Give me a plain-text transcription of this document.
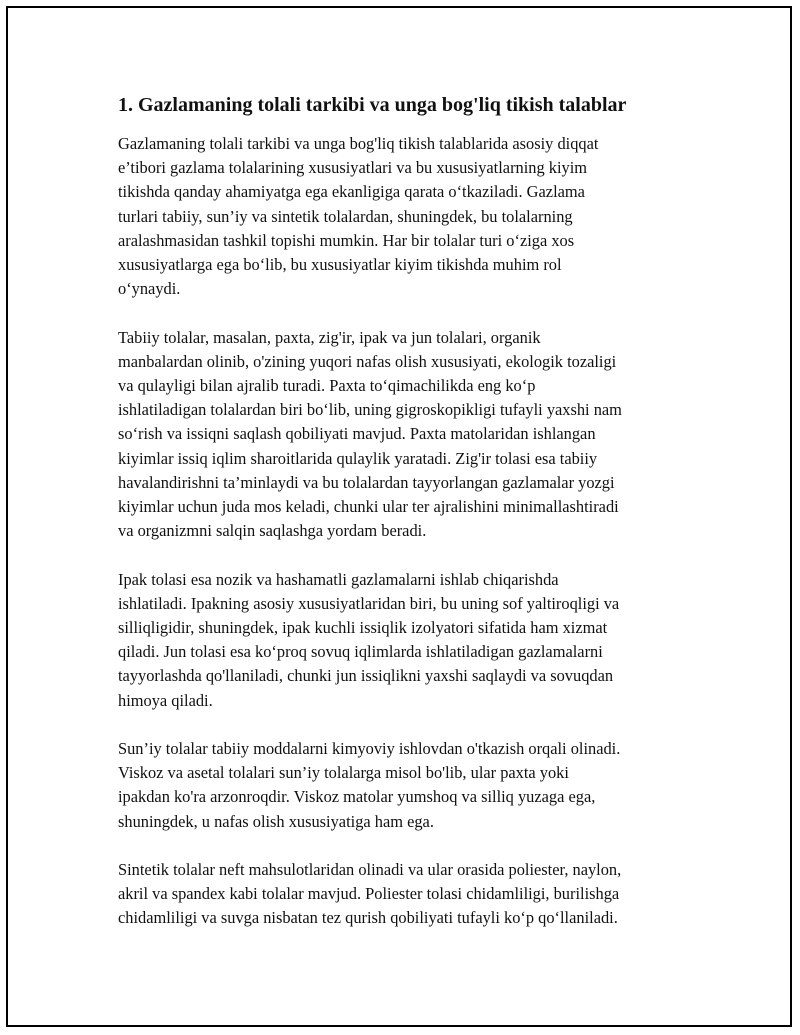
1. Gazlamaning tolali tarkibi va unga bog'liq tikish talablar

Gazlamaning tolali tarkibi va unga bog'liq tikish talablarida asosiy diqqat
e’tibori gazlama tolalarining xususiyatlari va bu xususiyatlarning kiyim
tikishda qanday ahamiyatga ega ekanligiga qarata o‘tkaziladi. Gazlama
turlari tabiiy, sun’iy va sintetik tolalardan, shuningdek, bu tolalarning
aralashmasidan tashkil topishi mumkin. Har bir tolalar turi o‘ziga xos
xususiyatlarga ega bo‘lib, bu xususiyatlar kiyim tikishda muhim rol
o‘ynaydi.

Tabiiy tolalar, masalan, paxta, zig'ir, ipak va jun tolalari, organik
manbalardan olinib, o'zining yuqori nafas olish xususiyati, ekologik tozaligi
va qulayligi bilan ajralib turadi. Paxta to‘qimachilikda eng ko‘p
ishlatiladigan tolalardan biri bo‘lib, uning gigroskopikligi tufayli yaxshi nam
so‘rish va issiqni saqlash qobiliyati mavjud. Paxta matolaridan ishlangan
kiyimlar issiq iqlim sharoitlarida qulaylik yaratadi. Zig'ir tolasi esa tabiiy
havalandirishni ta’minlaydi va bu tolalardan tayyorlangan gazlamalar yozgi
kiyimlar uchun juda mos keladi, chunki ular ter ajralishini minimallashtiradi
va organizmni salqin saqlashga yordam beradi.

Ipak tolasi esa nozik va hashamatli gazlamalarni ishlab chiqarishda
ishlatiladi. Ipakning asosiy xususiyatlaridan biri, bu uning sof yaltiroqligi va
silliqligidir, shuningdek, ipak kuchli issiqlik izolyatori sifatida ham xizmat
qiladi. Jun tolasi esa ko‘proq sovuq iqlimlarda ishlatiladigan gazlamalarni
tayyorlashda qo'llaniladi, chunki jun issiqlikni yaxshi saqlaydi va sovuqdan
himoya qiladi.

Sun’iy tolalar tabiiy moddalarni kimyoviy ishlovdan o'tkazish orqali olinadi.
Viskoz va asetal tolalari sun’iy tolalarga misol bo'lib, ular paxta yoki
ipakdan ko'ra arzonroqdir. Viskoz matolar yumshoq va silliq yuzaga ega,
shuningdek, u nafas olish xususiyatiga ham ega.

Sintetik tolalar neft mahsulotlaridan olinadi va ular orasida poliester, naylon,
akril va spandex kabi tolalar mavjud. Poliester tolasi chidamliligi, burilishga
chidamliligi va suvga nisbatan tez qurish qobiliyati tufayli ko‘p qo‘llaniladi.
